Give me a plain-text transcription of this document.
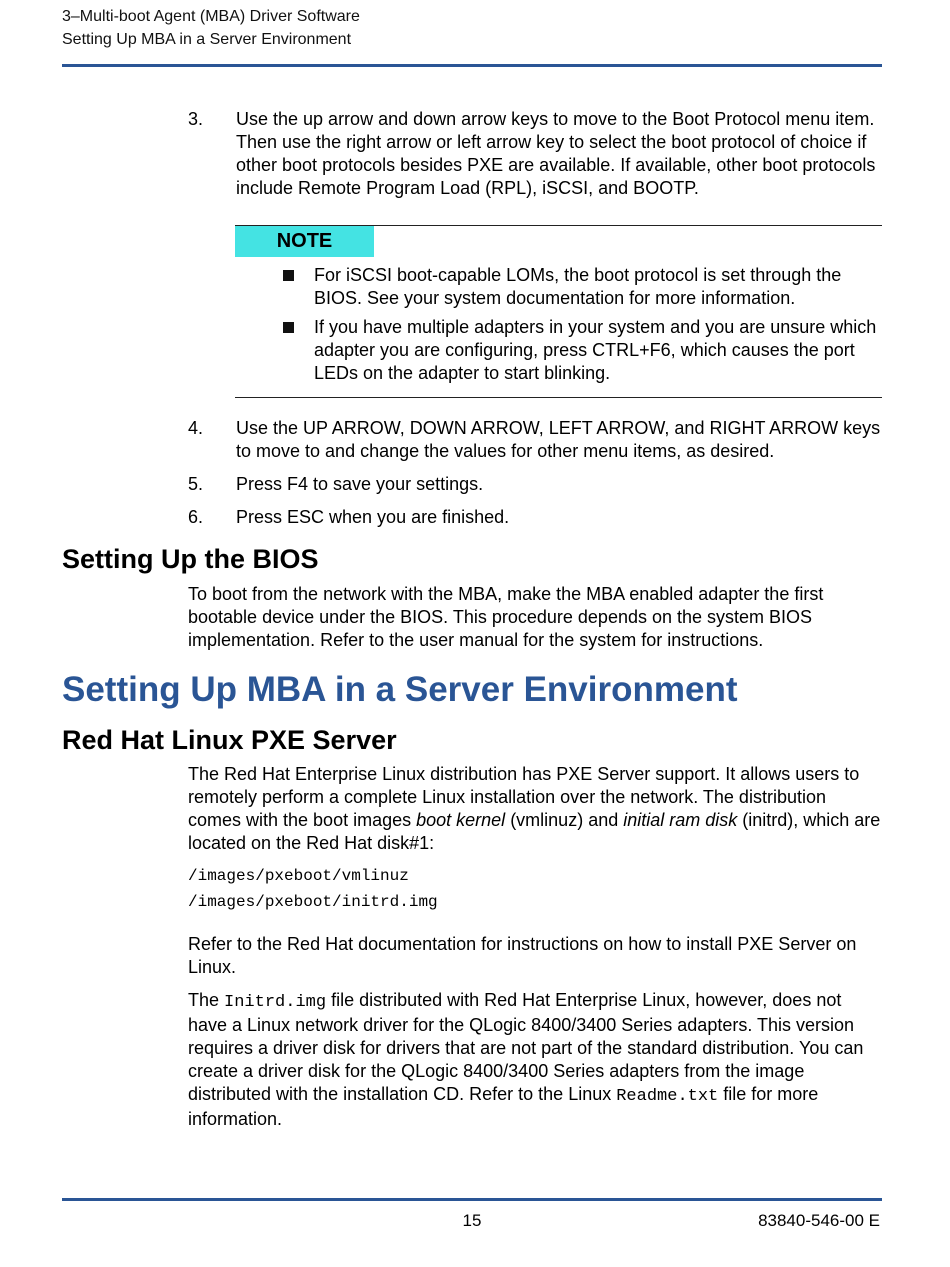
3–Multi-boot Agent (MBA) Driver Software
Setting Up MBA in a Server Environment
3. Use the up arrow and down arrow keys to move to the Boot Protocol menu item. Then use the right arrow or left arrow key to select the boot protocol of choice if other boot protocols besides PXE are available. If available, other boot protocols include Remote Program Load (RPL), iSCSI, and BOOTP.
NOTE
For iSCSI boot-capable LOMs, the boot protocol is set through the BIOS. See your system documentation for more information.
If you have multiple adapters in your system and you are unsure which adapter you are configuring, press CTRL+F6, which causes the port LEDs on the adapter to start blinking.
4. Use the UP ARROW, DOWN ARROW, LEFT ARROW, and RIGHT ARROW keys to move to and change the values for other menu items, as desired.
5. Press F4 to save your settings.
6. Press ESC when you are finished.
Setting Up the BIOS
To boot from the network with the MBA, make the MBA enabled adapter the first bootable device under the BIOS. This procedure depends on the system BIOS implementation. Refer to the user manual for the system for instructions.
Setting Up MBA in a Server Environment
Red Hat Linux PXE Server
The Red Hat Enterprise Linux distribution has PXE Server support. It allows users to remotely perform a complete Linux installation over the network. The distribution comes with the boot images boot kernel (vmlinuz) and initial ram disk (initrd), which are located on the Red Hat disk#1:
/images/pxeboot/vmlinuz
/images/pxeboot/initrd.img
Refer to the Red Hat documentation for instructions on how to install PXE Server on Linux.
The Initrd.img file distributed with Red Hat Enterprise Linux, however, does not have a Linux network driver for the QLogic 8400/3400 Series adapters. This version requires a driver disk for drivers that are not part of the standard distribution. You can create a driver disk for the QLogic 8400/3400 Series adapters from the image distributed with the installation CD. Refer to the Linux Readme.txt file for more information.
15	83840-546-00 E
